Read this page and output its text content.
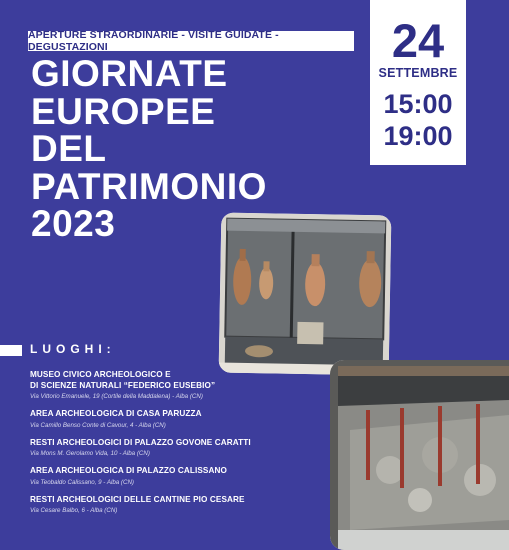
APERTURE STRAORDINARIE - VISITE GUIDATE - DEGUSTAZIONI
GIORNATE
EUROPEE
DEL
PATRIMONIO
2023
24
SETTEMBRE
15:00
19:00
LUOGHI:
MUSEO CIVICO ARCHEOLOGICO E
DI SCIENZE NATURALI “FEDERICO EUSEBIO”
Via Vittorio Emanuele, 19 (Cortile della Maddalena) - Alba (CN)
AREA ARCHEOLOGICA DI CASA PARUZZA
Via Camillo Benso Conte di Cavour, 4 - Alba (CN)
RESTI ARCHEOLOGICI DI PALAZZO GOVONE CARATTI
Via Mons M. Gerolamo Vida, 10 - Alba (CN)
AREA ARCHEOLOGICA DI PALAZZO CALISSANO
Via Teobaldo Calissano, 9 - Alba (CN)
RESTI ARCHEOLOGICI DELLE CANTINE PIO CESARE
Via Cesare Balbo, 6 - Alba (CN)
